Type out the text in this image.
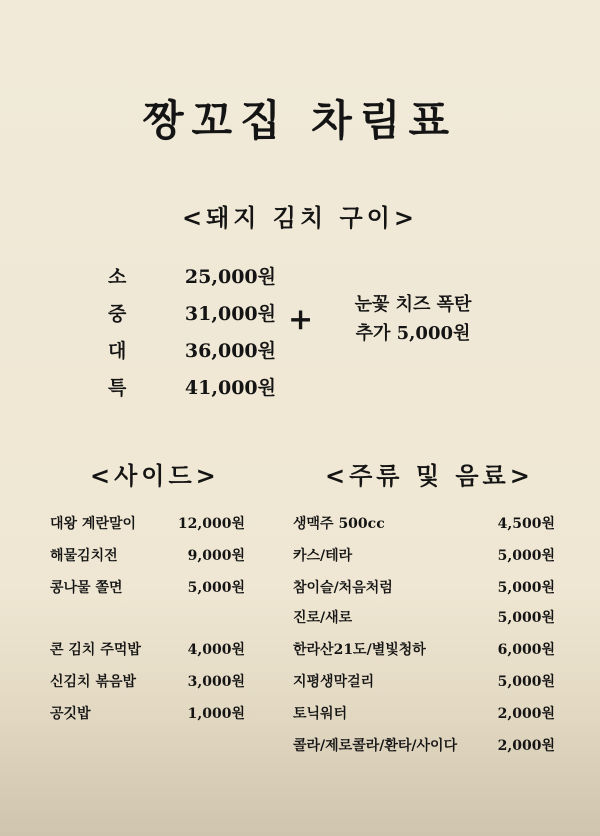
짱꼬집 차림표
<돼지 김치 구이>
소	25,000원
중	31,000원
대	36,000원
특	41,000원
+	눈꽃 치즈 폭탄
추가 5,000원
<사이드>	<주류 및 음료>
대왕 계란말이	12,000원
해물김치전	9,000원
콩나물 쫄면	5,000원
콘 김치 주먹밥	4,000원
신김치 볶음밥	3,000원
공깃밥	1,000원
생맥주 500cc	4,500원
카스/테라	5,000원
참이슬/처음처럼	5,000원
진로/새로	5,000원
한라산21도/별빛청하	6,000원
지평생막걸리	5,000원
토닉워터	2,000원
콜라/제로콜라/환타/사이다	2,000원
